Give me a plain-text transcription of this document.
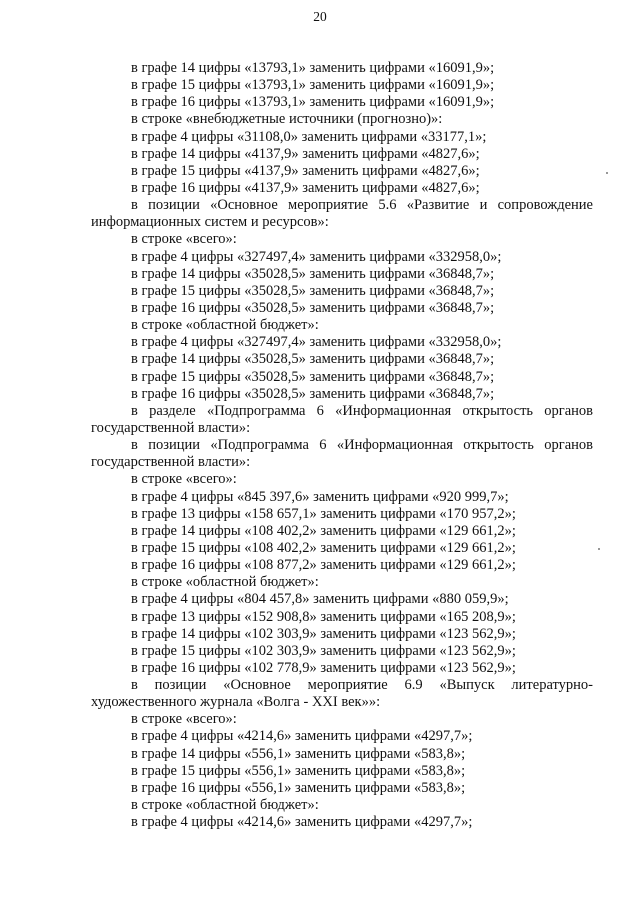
20
в графе 14 цифры «13793,1» заменить цифрами «16091,9»;
в графе 15 цифры «13793,1» заменить цифрами «16091,9»;
в графе 16 цифры «13793,1» заменить цифрами «16091,9»;
в строке «внебюджетные источники (прогнозно)»:
в графе 4 цифры «31108,0» заменить цифрами «33177,1»;
в графе 14 цифры «4137,9» заменить цифрами «4827,6»;
в графе 15 цифры «4137,9» заменить цифрами «4827,6»;
в графе 16 цифры «4137,9» заменить цифрами «4827,6»;
в позиции «Основное мероприятие 5.6 «Развитие и сопровождение
информационных систем и ресурсов»:
в строке «всего»:
в графе 4 цифры «327497,4» заменить цифрами «332958,0»;
в графе 14 цифры «35028,5» заменить цифрами «36848,7»;
в графе 15 цифры «35028,5» заменить цифрами «36848,7»;
в графе 16 цифры «35028,5» заменить цифрами «36848,7»;
в строке «областной бюджет»:
в графе 4 цифры «327497,4» заменить цифрами «332958,0»;
в графе 14 цифры «35028,5» заменить цифрами «36848,7»;
в графе 15 цифры «35028,5» заменить цифрами «36848,7»;
в графе 16 цифры «35028,5» заменить цифрами «36848,7»;
в разделе «Подпрограмма 6 «Информационная открытость органов
государственной власти»:
в позиции «Подпрограмма 6 «Информационная открытость органов
государственной власти»:
в строке «всего»:
в графе 4 цифры «845 397,6» заменить цифрами «920 999,7»;
в графе 13 цифры «158 657,1» заменить цифрами «170 957,2»;
в графе 14 цифры «108 402,2» заменить цифрами «129 661,2»;
в графе 15 цифры «108 402,2» заменить цифрами «129 661,2»;
в графе 16 цифры «108 877,2» заменить цифрами «129 661,2»;
в строке «областной бюджет»:
в графе 4 цифры «804 457,8» заменить цифрами «880 059,9»;
в графе 13 цифры «152 908,8» заменить цифрами «165 208,9»;
в графе 14 цифры «102 303,9» заменить цифрами «123 562,9»;
в графе 15 цифры «102 303,9» заменить цифрами «123 562,9»;
в графе 16 цифры «102 778,9» заменить цифрами «123 562,9»;
в позиции «Основное мероприятие 6.9 «Выпуск литературно-
художественного журнала «Волга - XXI век»»:
в строке «всего»:
в графе 4 цифры «4214,6» заменить цифрами «4297,7»;
в графе 14 цифры «556,1» заменить цифрами «583,8»;
в графе 15 цифры «556,1» заменить цифрами «583,8»;
в графе 16 цифры «556,1» заменить цифрами «583,8»;
в строке «областной бюджет»:
в графе 4 цифры «4214,6» заменить цифрами «4297,7»;
